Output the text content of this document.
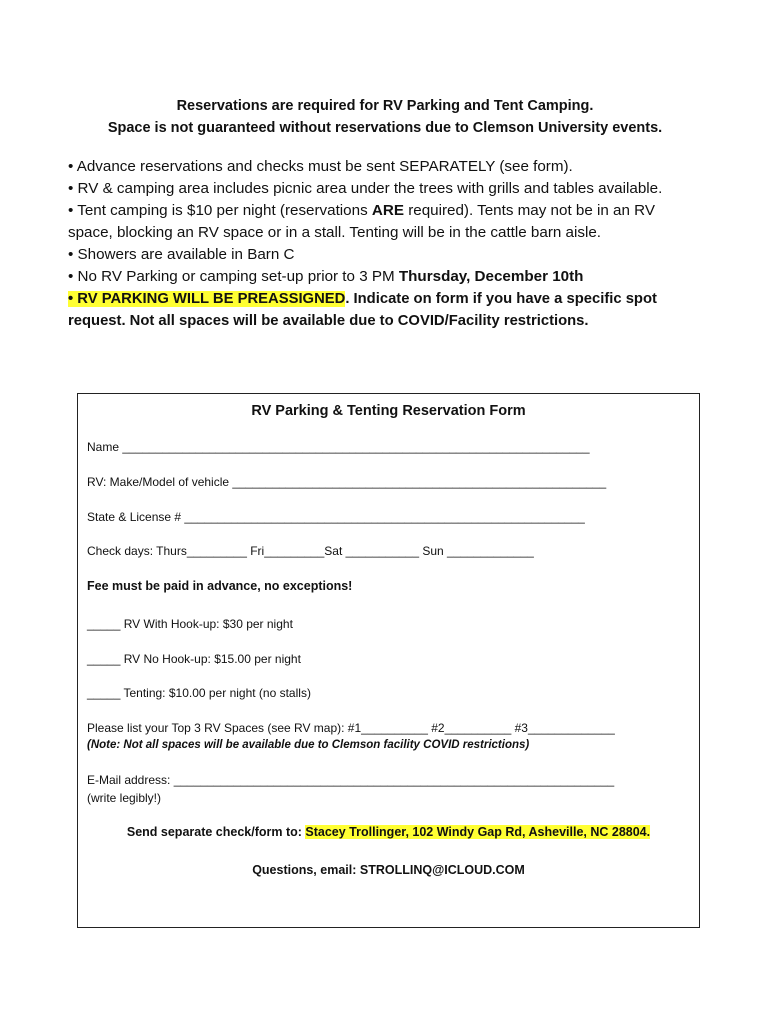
Reservations are required for RV Parking and Tent Camping.
Space is not guaranteed without reservations due to Clemson University events.
• Advance reservations and checks must be sent SEPARATELY (see form).
• RV & camping area includes picnic area under the trees with grills and tables available.
• Tent camping is $10 per night (reservations ARE required). Tents may not be in an RV
space, blocking an RV space or in a stall. Tenting will be in the cattle barn aisle.
• Showers are available in Barn C
• No RV Parking or camping set-up prior to 3 PM Thursday, December 10th
• RV PARKING WILL BE PREASSIGNED. Indicate on form if you have a specific spot
request. Not all spaces will be available due to COVID/Facility restrictions.
RV Parking & Tenting Reservation Form
Name ______________________________________________________________________
RV: Make/Model of vehicle ________________________________________________________
State & License # ____________________________________________________________
Check days: Thurs_________ Fri_________Sat ___________ Sun _____________
Fee must be paid in advance, no exceptions!
_____ RV With Hook-up: $30 per night
_____ RV No Hook-up: $15.00 per night
_____ Tenting: $10.00 per night (no stalls)
Please list your Top 3 RV Spaces (see RV map): #1__________ #2__________ #3_____________
(Note: Not all spaces will be available due to Clemson facility COVID restrictions)
E-Mail address: __________________________________________________________________
(write legibly!)
Send separate check/form to: Stacey Trollinger, 102 Windy Gap Rd, Asheville, NC 28804.
Questions, email: STROLLINQ@ICLOUD.COM
